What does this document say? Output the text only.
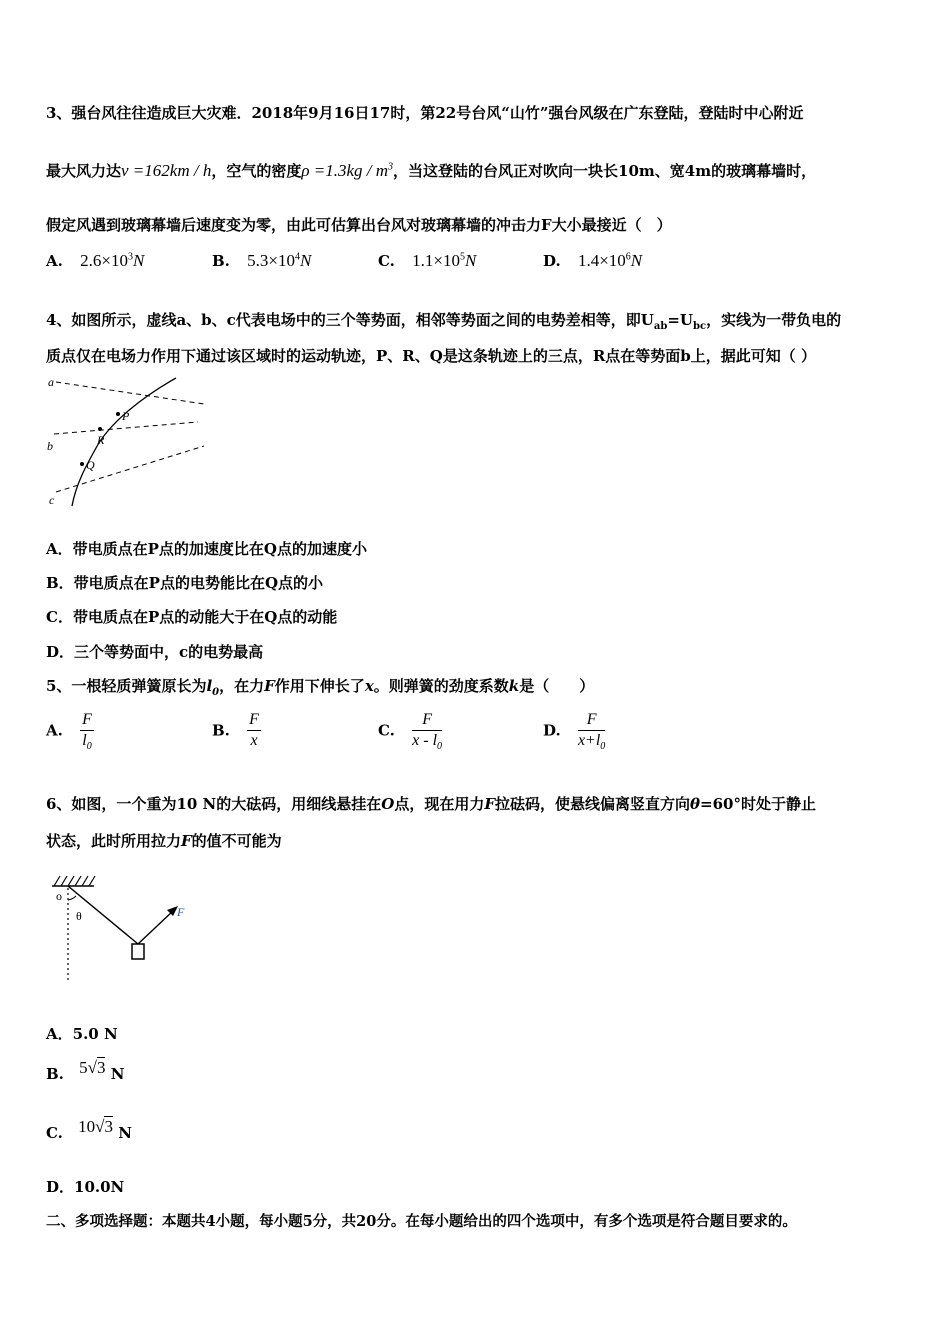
3、强台风往往造成巨大灾难．2018年9月16日17时，第22号台风“山竹”强台风级在广东登陆，登陆时中心附近
最大风力达v =162km / h，空气的密度$\rho =1.3kg / m^3$，当这登陆的台风正对吹向一块长10m、宽4m的玻璃幕墙时，
假定风遇到玻璃幕墙后速度变为零，由此可估算出台风对玻璃幕墙的冲击力F大小最接近（　）
A. $2.6\times 10^3N$	B. $5.3\times 10^4N$	C. $1.1\times 10^5N$	D. $1.4\times 10^6N$
4、如图所示，虚线a、b、c代表电场中的三个等势面，相邻等势面之间的电势差相等，即$U_{ab}=U_{bc}$，实线为一带负电的
质点仅在电场力作用下通过该区域时的运动轨迹，P、R、Q是这条轨迹上的三点，R点在等势面b上，据此可知（ ）
a
b
c
P
R
Q
A．带电质点在P点的加速度比在Q点的加速度小
B．带电质点在P点的电势能比在Q点的小
C．带电质点在P点的动能大于在Q点的动能
D．三个等势面中，c的电势最高
5、一根轻质弹簧原长为$l_0$，在力F作用下伸长了x。则弹簧的劲度系数k是（　　）
A. $\frac{F}{l_0}$	B. $\frac{F}{x}$	C. $\frac{F}{x - l_0}$	D. $\frac{F}{x+l_0}$
6、如图，一个重为10 N的大砝码，用细线悬挂在O点，现在用力F拉砝码，使悬线偏离竖直方向θ=60°时处于静止
状态，此时所用拉力F的值不可能为
o
θ	F
A．5.0 N
B. 5√3 N
C. 10√3 N
D．10.0N
二、多项选择题：本题共4小题，每小题5分，共20分。在每小题给出的四个选项中，有多个选项是符合题目要求的。
